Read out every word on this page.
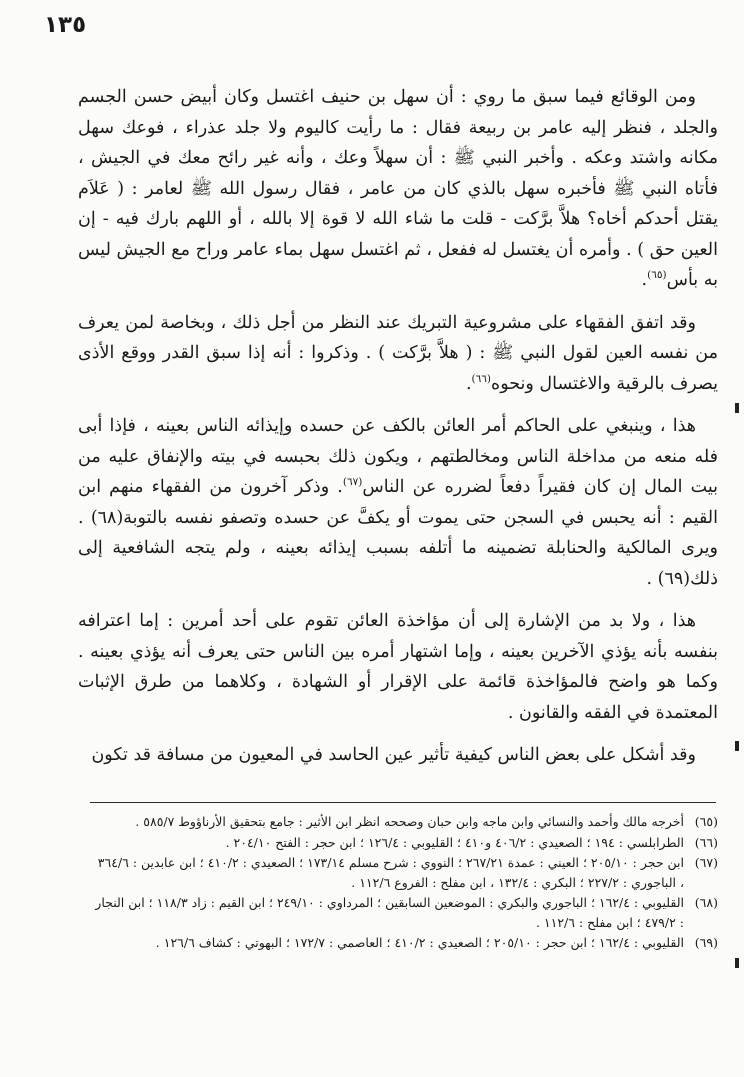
١٣٥

ومن الوقائع فيما سبق ما روي : أن سهل بن حنيف اغتسل وكان أبيض حسن الجسم والجلد ، فنظر إليه عامر بن ربيعة فقال : ما رأيت كاليوم ولا جلد عذراء ، فوعك سهل مكانه واشتد وعكه . وأخبر النبي ﷺ : أن سهلاً وعك ، وأنه غير رائح معك في الجيش ، فأتاه النبي ﷺ فأخبره سهل بالذي كان من عامر ، فقال رسول الله ﷺ لعامر : ( عَلاَم يقتل أحدكم أخاه؟ هلاَّ برَّكت - قلت ما شاء الله لا قوة إلا بالله ، أو اللهم بارك فيه - إن العين حق ) . وأمره أن يغتسل له ففعل ، ثم اغتسل سهل بماء عامر وراح مع الجيش ليس به بأس$^{(٦٥)}$.

وقد اتفق الفقهاء على مشروعية التبريك عند النظر من أجل ذلك ، وبخاصة لمن يعرف من نفسه العين لقول النبي ﷺ : ( هلاَّ برَّكت ) . وذكروا : أنه إذا سبق القدر ووقع الأذى يصرف بالرقية والاغتسال ونحوه$^{(٦٦)}$.

هذا ، وينبغي على الحاكم أمر العائن بالكف عن حسده وإيذائه الناس بعينه ، فإذا أبى فله منعه من مداخلة الناس ومخالطتهم ، ويكون ذلك بحبسه في بيته والإنفاق عليه من بيت المال إن كان فقيراً دفعاً لضرره عن الناس$^{(٦٧)}$. وذكر آخرون من الفقهاء منهم ابن القيم : أنه يحبس في السجن حتى يموت أو يكفَّ عن حسده وتصفو نفسه بالتوبة(٦٨) . ويرى المالكية والحنابلة تضمينه ما أتلفه بسبب إيذائه بعينه ، ولم يتجه الشافعية إلى ذلك(٦٩) .

هذا ، ولا بد من الإشارة إلى أن مؤاخذة العائن تقوم على أحد أمرين : إما اعترافه بنفسه بأنه يؤذي الآخرين بعينه ، وإما اشتهار أمره بين الناس حتى يعرف أنه يؤذي بعينه . وكما هو واضح فالمؤاخذة قائمة على الإقرار أو الشهادة ، وكلاهما من طرق الإثبات المعتمدة في الفقه والقانون .

وقد أشكل على بعض الناس كيفية تأثير عين الحاسد في المعيون من مسافة قد تكون

(٦٥)
أخرجه مالك وأحمد والنسائي وابن ماجه وابن حبان وصححه انظر ابن الأثير : جامع بتحقيق الأرناؤوط ٥٨٥/٧ .
(٦٦)
الطرابلسي : ١٩٤ ؛ الصعيدي : ٤٠٦/٢ و٤١٠ ؛ القليوبي : ١٢٦/٤ ؛ ابن حجر : الفتح ٢٠٤/١٠ .
(٦٧)
ابن حجر : ٢٠٥/١٠ ؛ العيني : عمدة ٢٦٧/٢١ ؛ النووي : شرح مسلم ١٧٣/١٤ ؛ الصعيدي : ٤١٠/٢ ؛ ابن عابدين : ٣٦٤/٦ ، الباجوري : ٢٢٧/٢ ؛ البكري : ١٣٢/٤ ، ابن مفلح : الفروع ١١٢/٦ .
(٦٨)
القليوبي : ١٦٢/٤ ؛ الباجوري والبكري : الموضعين السابقين ؛ المرداوي : ٢٤٩/١٠ ؛ ابن القيم : زاد ١١٨/٣ ؛ ابن النجار : ٤٧٩/٢ ؛ ابن مفلح : ١١٢/٦ .
(٦٩)
القليوبي : ١٦٢/٤ ؛ ابن حجر : ٢٠٥/١٠ ؛ الصعيدي : ٤١٠/٢ ؛ العاصمي : ١٧٢/٧ ؛ البهوتي : كشاف ١٢٦/٦ .
